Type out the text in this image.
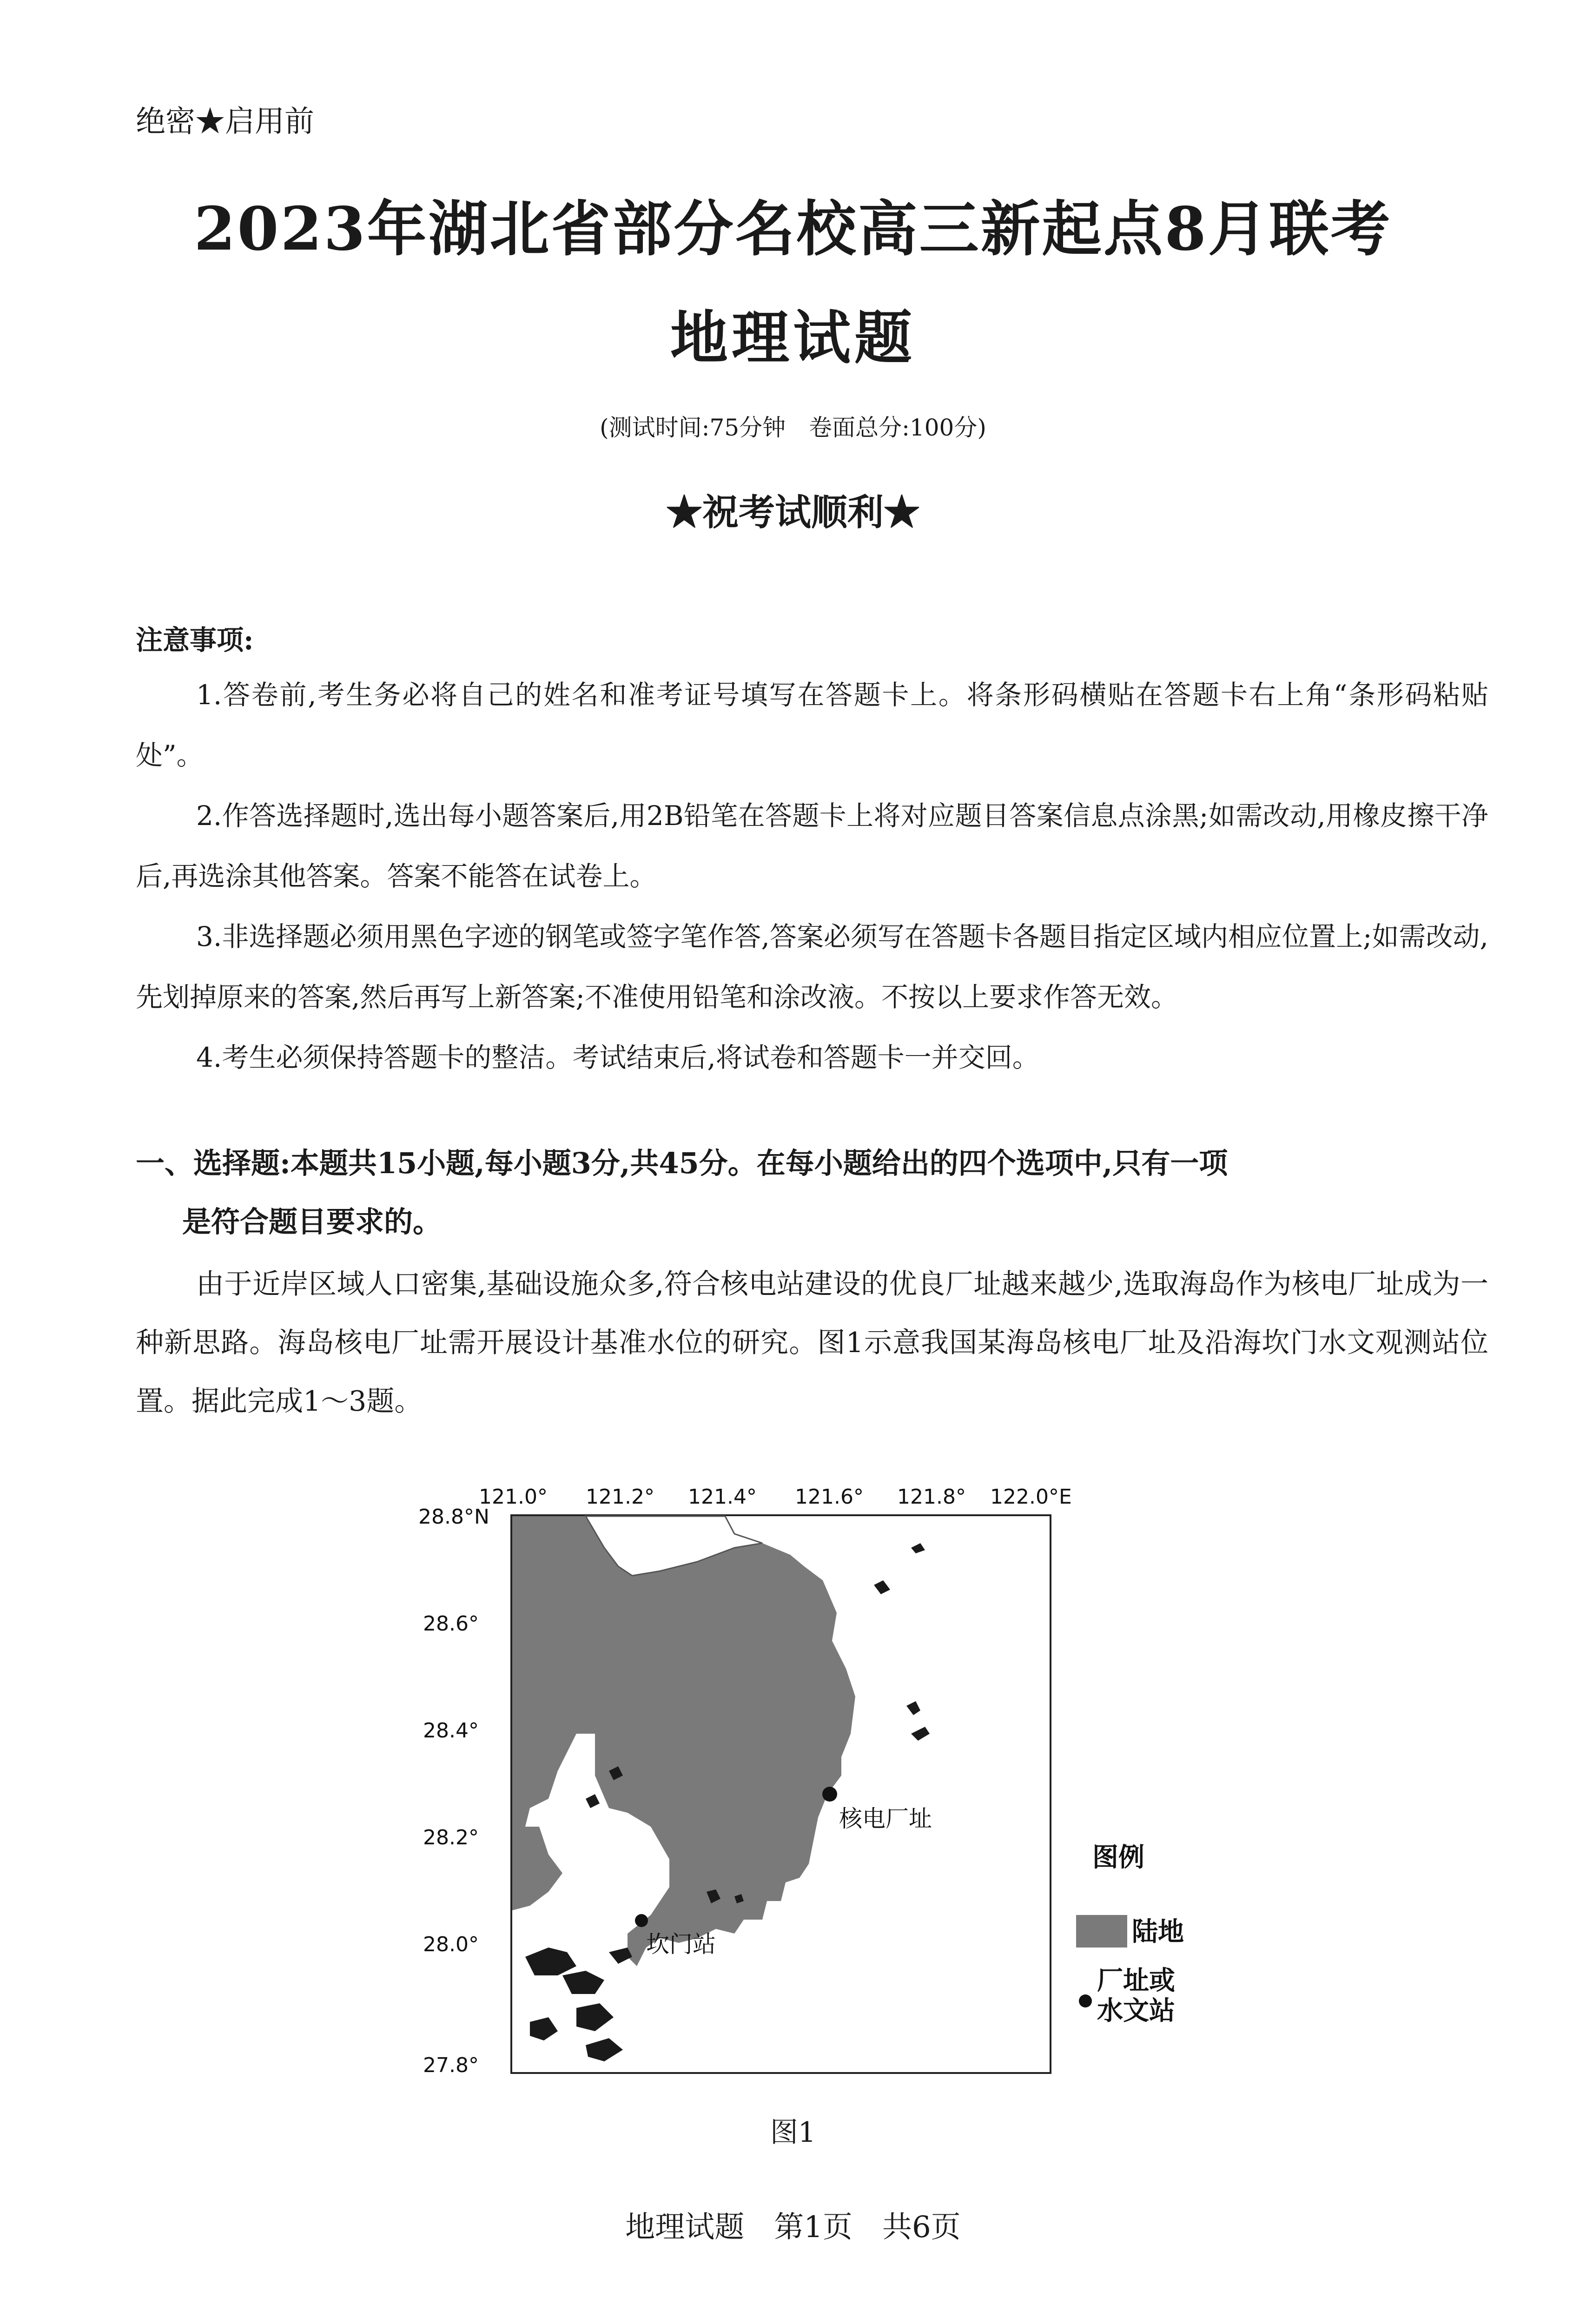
绝密★启用前
2023年湖北省部分名校高三新起点8月联考
地理试题
(测试时间:75分钟　卷面总分:100分)
★祝考试顺利★
注意事项:

1.答卷前,考生务必将自己的姓名和准考证号填写在答题卡上。将条形码横贴在答题卡右上角“条形码粘贴处”。

2.作答选择题时,选出每小题答案后,用2B铅笔在答题卡上将对应题目答案信息点涂黑;如需改动,用橡皮擦干净后,再选涂其他答案。答案不能答在试卷上。

3.非选择题必须用黑色字迹的钢笔或签字笔作答,答案必须写在答题卡各题目指定区域内相应位置上;如需改动,先划掉原来的答案,然后再写上新答案;不准使用铅笔和涂改液。不按以上要求作答无效。

4.考生必须保持答题卡的整洁。考试结束后,将试卷和答题卡一并交回。

一、选择题:本题共15小题,每小题3分,共45分。在每小题给出的四个选项中,只有一项
是符合题目要求的。

由于近岸区域人口密集,基础设施众多,符合核电站建设的优良厂址越来越少,选取海岛作为核电厂址成为一种新思路。海岛核电厂址需开展设计基准水位的研究。图1示意我国某海岛核电厂址及沿海坎门水文观测站位置。据此完成1～3题。

核电厂址
坎门站
121.0° 121.2° 121.4° 121.6° 121.8° 122.0°E
28.8°N
28.6°
28.4°
28.2°
28.0°
27.8°
图例
陆地
厂址或
水文站
图1
地理试题　第1页　共6页
